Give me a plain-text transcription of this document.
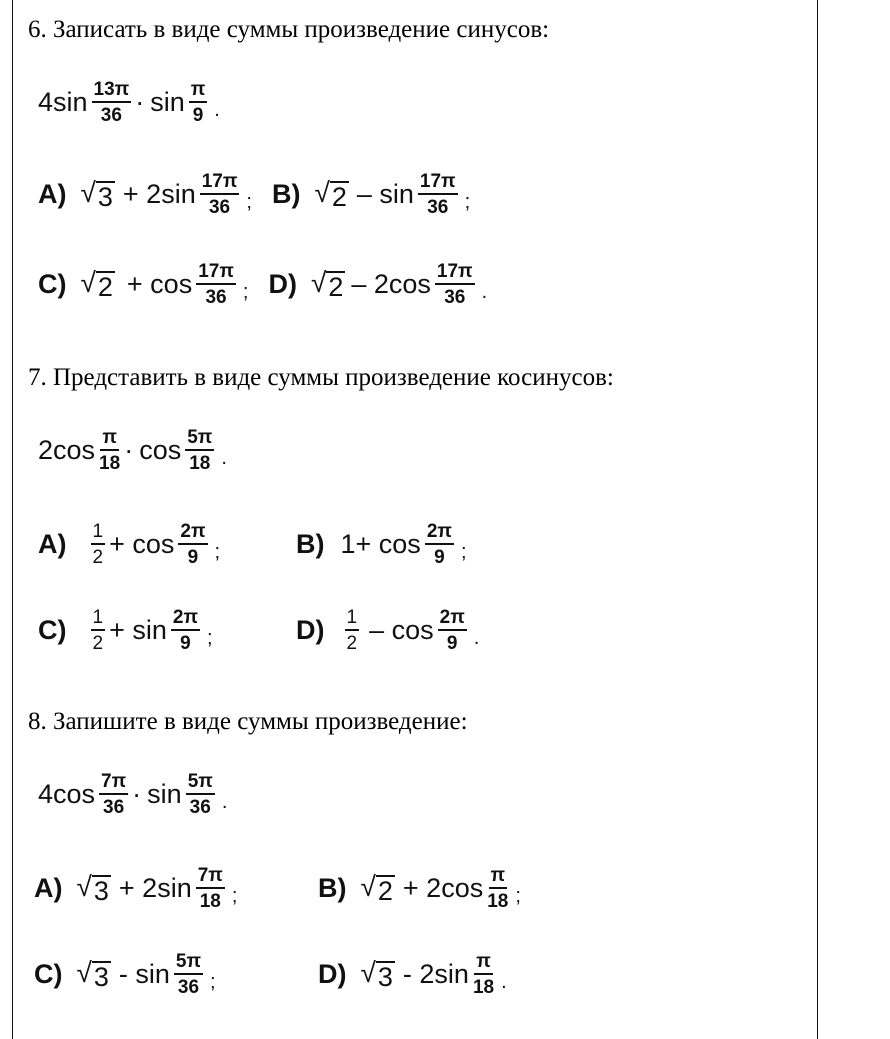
6. Записать в виде суммы произведение синусов:
$4\sin \frac{13\pi}{36} \cdot \sin \frac{\pi}{9}$ .
A) √ $3 + 2\sin \frac{17\pi}{36}$ ; B) √ $2 - \sin \frac{17\pi}{36}$ ;
C) √ $2 + \cos \frac{17\pi}{36}$ ; D) √ $2 - 2\cos \frac{17\pi}{36}$ .
7. Представить в виде суммы произведение косинусов:
$2\cos \frac{\pi}{18} \cdot \cos \frac{5\pi}{18}$ .
$A) \frac{1}{2} + \cos \frac{2\pi}{9}$ ;	B) $1+ \cos \frac{2\pi}{9}$ ;
$C) \frac{1}{2} + \sin \frac{2\pi}{9}$ ;	$D) \frac{1}{2}$ – $\cos \frac{2\pi}{9}$ .
8. Запишите в виде суммы произведение:
$4\cos \frac{7\pi}{36} \cdot \sin \frac{5\pi}{36}$ .
A) √ $3 + 2\sin \frac{7\pi}{18}$ ;	B) √ $2 + 2\cos \frac{\pi}{18}$ ;
C) √ $3 - \sin \frac{5\pi}{36}$ ;	D) √ $3 - 2\sin \frac{\pi}{18}$ .
